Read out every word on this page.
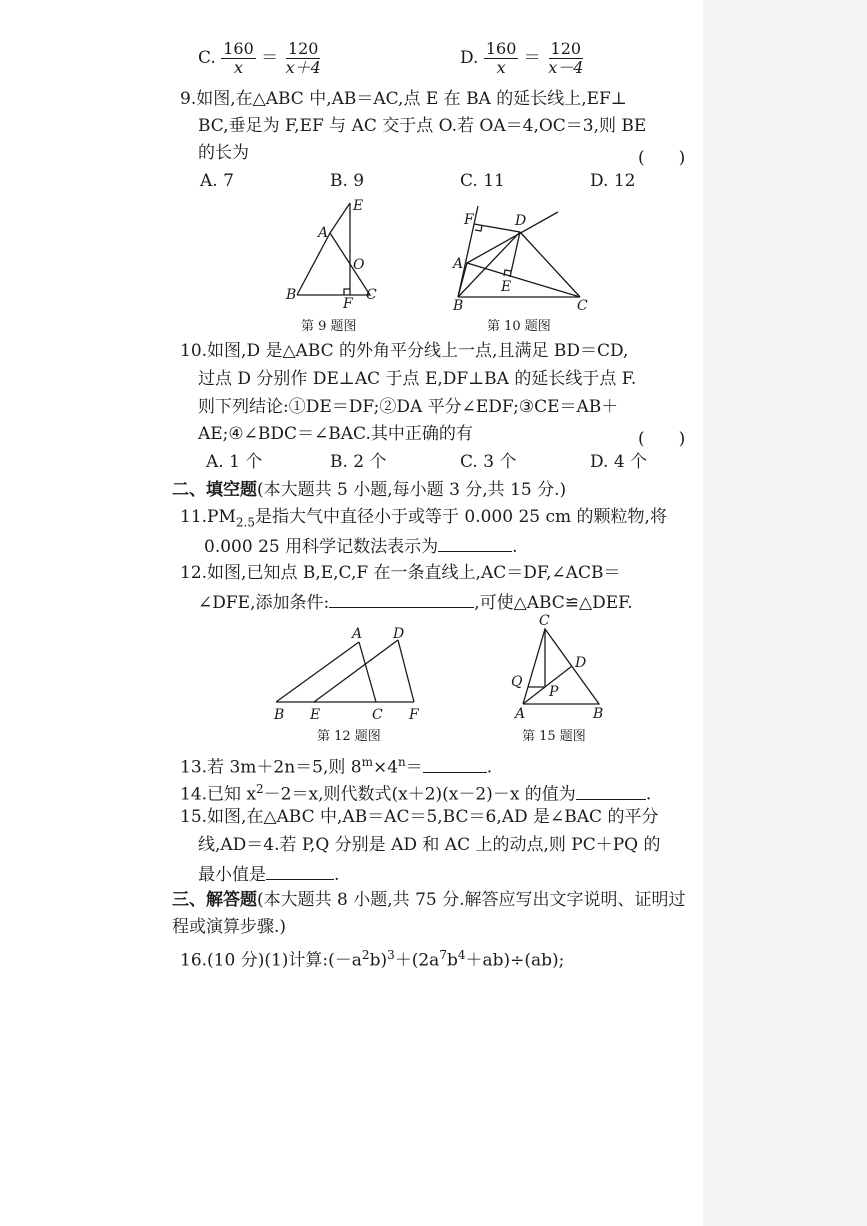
C. $\frac{160}{x} = \frac{120}{x+4}$	D. $\frac{160}{x} = \frac{120}{x-4}$
9.如图,在△ABC 中,AB＝AC,点 E 在 BA 的延长线上,EF⊥
BC,垂足为 F,EF 与 AC 交于点 O.若 OA＝4,OC＝3,则 BE
的长为	(　　)
A. 7	B. 9	C. 11	D. 12
E
A
O
B
F
C
第 9 题图
F	D
A
E
B	C
第 10 题图
10.如图,D 是△ABC 的外角平分线上一点,且满足 BD＝CD,
过点 D 分别作 DE⊥AC 于点 E,DF⊥BA 的延长线于点 F.
则下列结论:①DE＝DF;②DA 平分∠EDF;③CE＝AB＋
AE;④∠BDC＝∠BAC.其中正确的有	(　　)
A. 1 个	B. 2 个	C. 3 个	D. 4 个
二、填空题(本大题共 5 小题,每小题 3 分,共 15 分.)
$11.PM_{2.5}$是指大气中直径小于或等于 0.000 25 cm 的颗粒物,将
0.000 25 用科学记数法表示为	.
12.如图,已知点 B,E,C,F 在一条直线上,AC＝DF,∠ACB＝
∠DFE,添加条件:	,可使△ABC≌△DEF.
A D
B E	C F
第 12 题图
C
D
Q
P
A	B
第 15 题图
13.若 3m＋2n＝5,则 $8^m\times 4^n=$	.
14.已知 $x^2-2=x$,则代数式(x＋2)(x－2)－x 的值为	.
15.如图,在△ABC 中,AB＝AC＝5,BC＝6,AD 是∠BAC 的平分
线,AD＝4.若 P,Q 分别是 AD 和 AC 上的动点,则 PC＋PQ 的
最小值是	.
三、解答题(本大题共 8 小题,共 75 分.解答应写出文字说明、证明过
程或演算步骤.)
16.(10 分)(1)计算$:(-a^2b)^3+(2a^7b^4+ab)\div(ab)$;
